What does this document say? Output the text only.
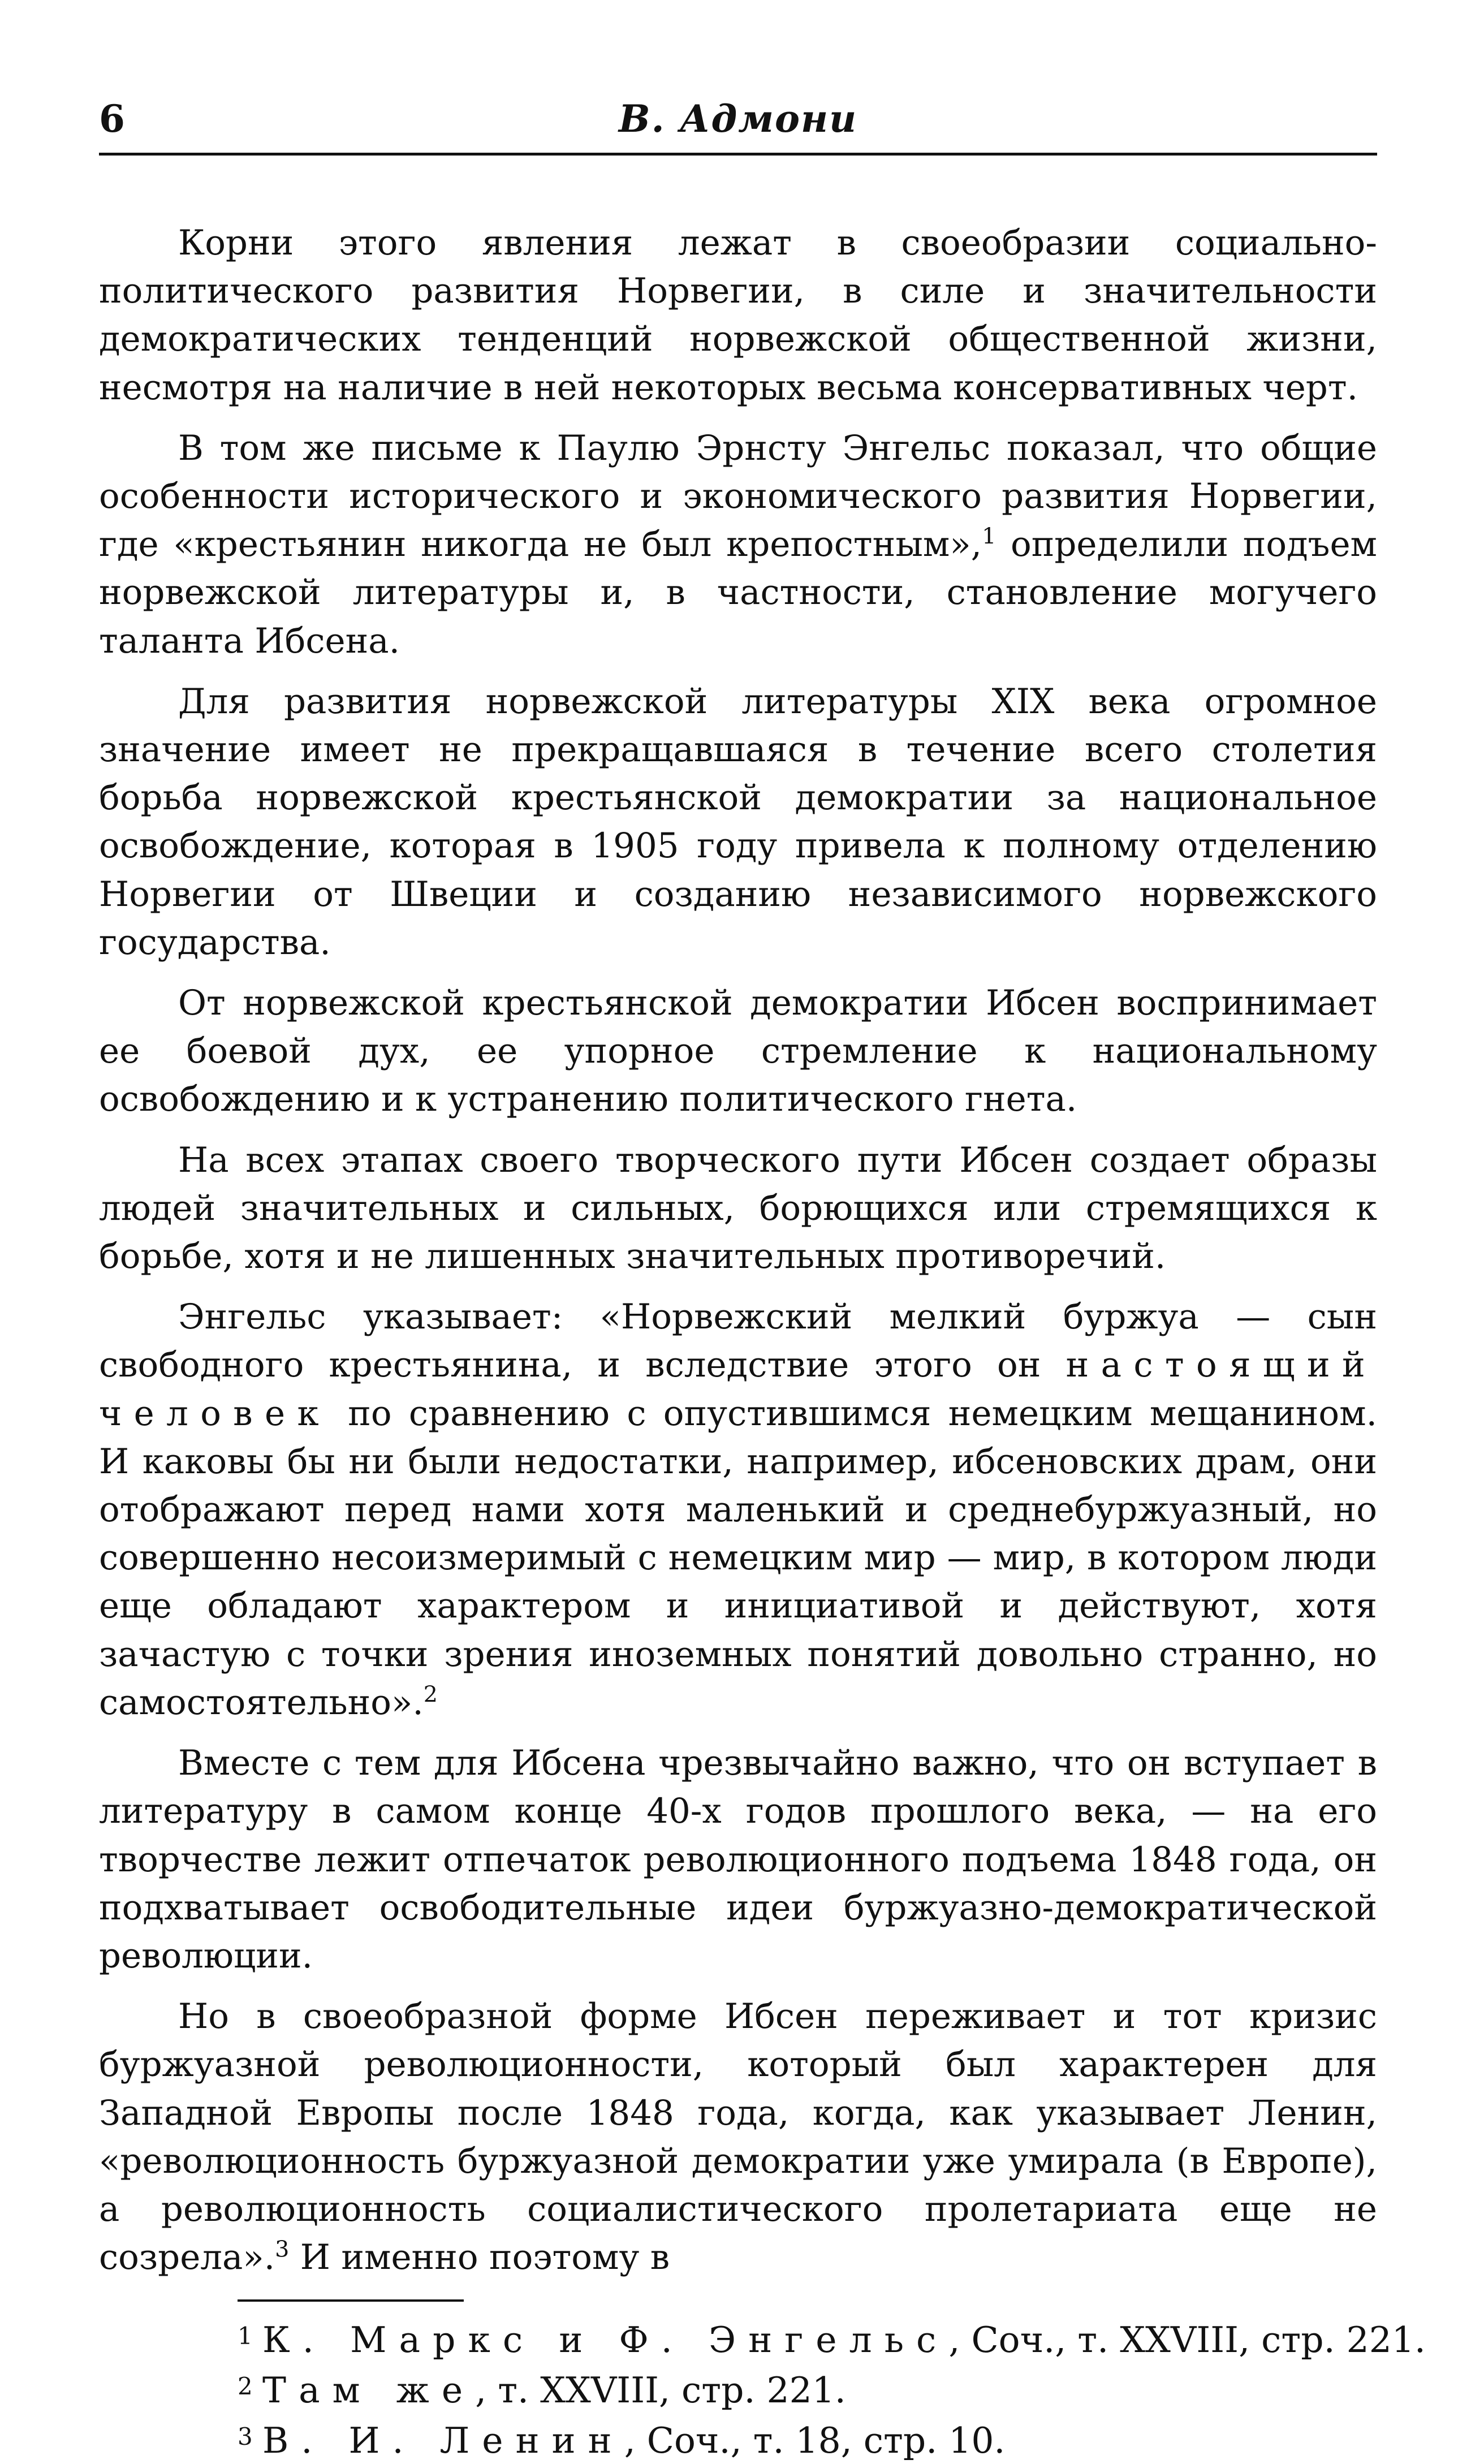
6	В. Адмони

Корни этого явления лежат в своеобразии социально-политического развития Норвегии, в силе и значительности демократических тенденций норвежской общественной жизни, несмотря на наличие в ней некоторых весьма консервативных черт.

В том же письме к Паулю Эрнсту Энгельс показал, что общие особенности исторического и экономического развития Норвегии, где «крестьянин никогда не был крепостным»,$^1$ определили подъем норвежской литературы и, в частности, становление могучего таланта Ибсена.

Для развития норвежской литературы XIX века огромное значение имеет не прекращавшаяся в течение всего столетия борьба норвежской крестьянской демократии за национальное освобождение, которая в 1905 году привела к полному отделению Норвегии от Швеции и созданию независимого норвежского государства.

От норвежской крестьянской демократии Ибсен воспринимает ее боевой дух, ее упорное стремление к национальному освобождению и к устранению политического гнета.

На всех этапах своего творческого пути Ибсен создает образы людей значительных и сильных, борющихся или стремящихся к борьбе, хотя и не лишенных значительных противоречий.

Энгельс указывает: «Норвежский мелкий буржуа — сын свободного крестьянина, и вследствие этого он настоящий человек по сравнению с опустившимся немецким мещанином. И каковы бы ни были недостатки, например, ибсеновских драм, они отображают перед нами хотя маленький и среднебуржуазный, но совершенно несоизмеримый с немецким мир — мир, в котором люди еще обладают характером и инициативой и действуют, хотя зачастую с точки зрения иноземных понятий довольно странно, но самостоятельно».$^2$

Вместе с тем для Ибсена чрезвычайно важно, что он вступает в литературу в самом конце 40-х годов прошлого века, — на его творчестве лежит отпечаток революционного подъема 1848 года, он подхватывает освободительные идеи буржуазно-демократической революции.

Но в своеобразной форме Ибсен переживает и тот кризис буржуазной революционности, который был характерен для Западной Европы после 1848 года, когда, как указывает Ленин, «революционность буржуазной демократии уже умирала (в Европе), а революционность социалистического пролетариата еще не созрела».$^3$ И именно поэтому в

1 К. Маркс и Ф. Энгельс, Соч., т. XXVIII, стр. 221.
2 Там же, т. XXVIII, стр. 221.
3 В. И. Ленин, Соч., т. 18, стр. 10.
